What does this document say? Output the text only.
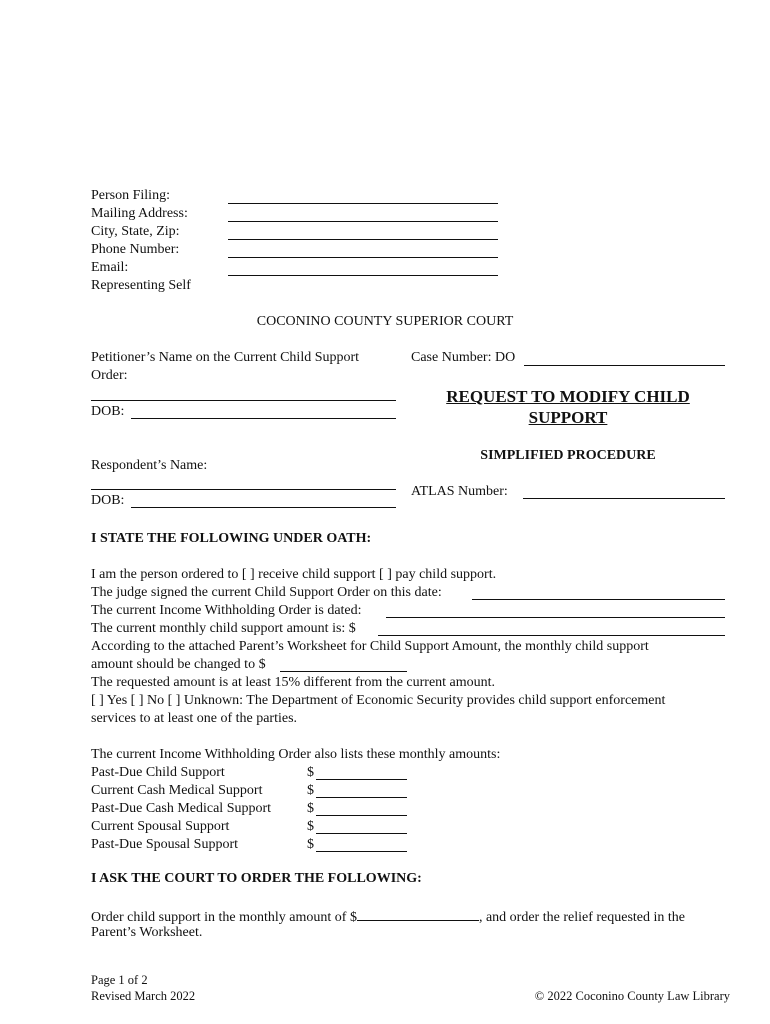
Person Filing:
Mailing Address:
City, State, Zip:
Phone Number:
Email:
Representing Self
COCONINO COUNTY SUPERIOR COURT
Petitioner’s Name on the Current Child Support
Order:
DOB:
Respondent’s Name:
DOB:
Case Number: DO
REQUEST TO MODIFY CHILD
SUPPORT
SIMPLIFIED PROCEDURE
ATLAS Number:
I STATE THE FOLLOWING UNDER OATH:
I am the person ordered to [ ] receive child support [ ] pay child support.
The judge signed the current Child Support Order on this date:
The current Income Withholding Order is dated:
The current monthly child support amount is: $
According to the attached Parent’s Worksheet for Child Support Amount, the monthly child support
amount should be changed to $
The requested amount is at least 15% different from the current amount.
[ ] Yes [ ] No [ ] Unknown: The Department of Economic Security provides child support enforcement
services to at least one of the parties.
The current Income Withholding Order also lists these monthly amounts:
Past-Due Child Support	$
Current Cash Medical Support	$
Past-Due Cash Medical Support	$
Current Spousal Support	$
Past-Due Spousal Support	$
I ASK THE COURT TO ORDER THE FOLLOWING:
Order child support in the monthly amount of $	, and order the relief requested in the
Parent’s Worksheet.
Page 1 of 2
Revised March 2022	© 2022 Coconino County Law Library
